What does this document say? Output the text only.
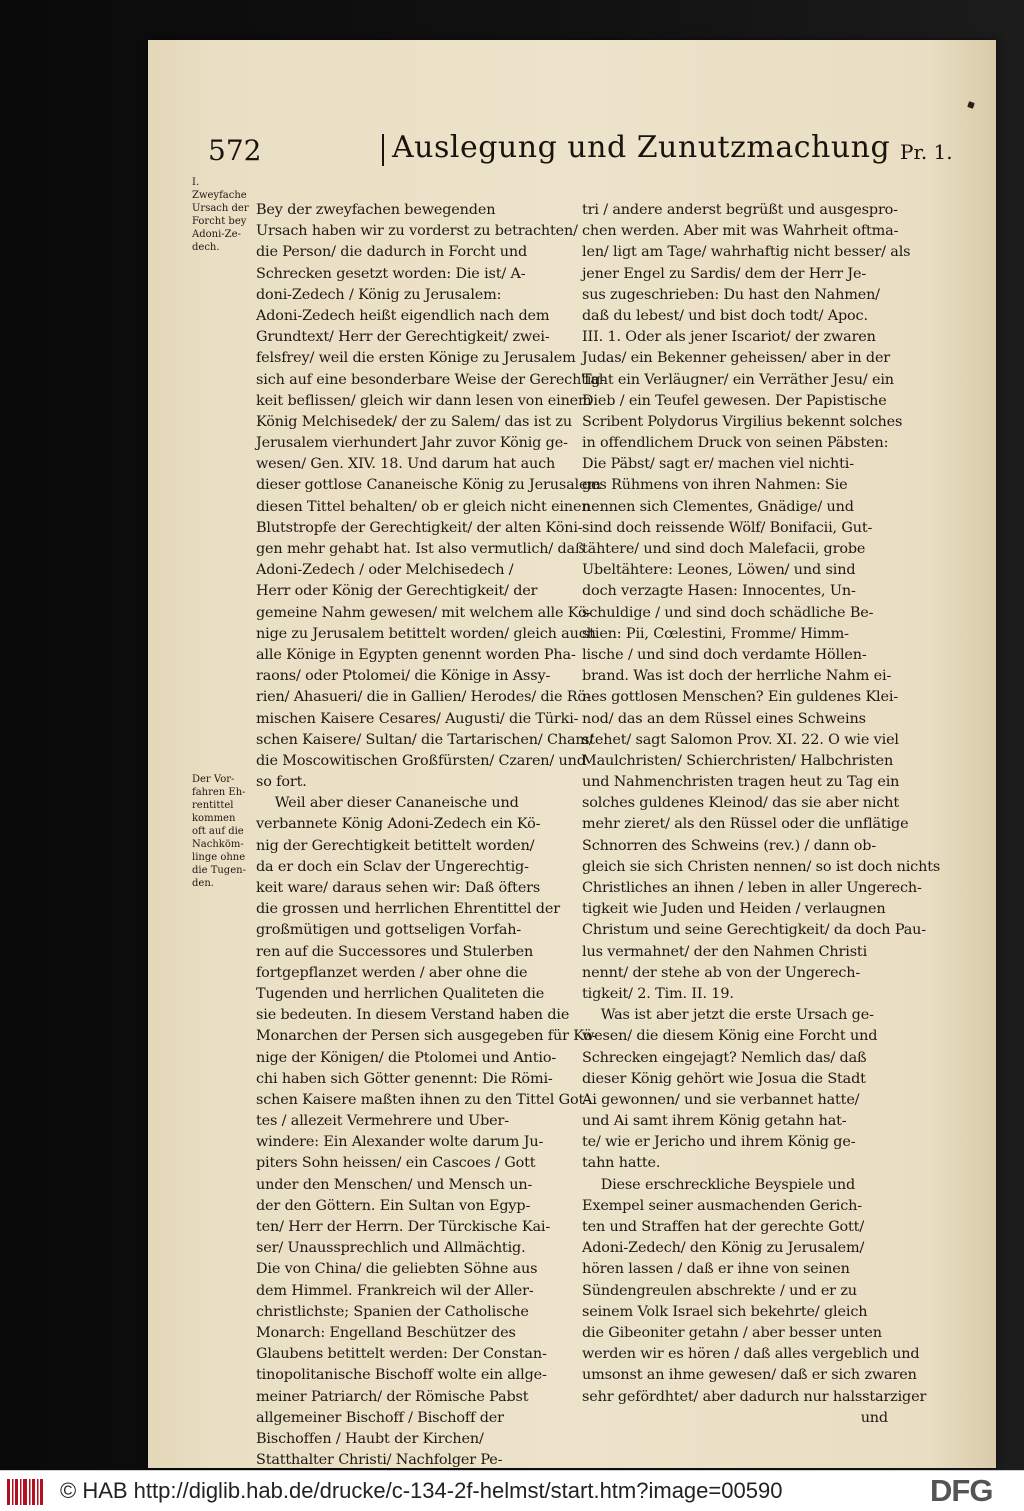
572	Auslegung und Zunutzmachung Pr. 1.
I.
Zweyfache
Ursach der
Forcht bey
Adoni-Ze-
dech.
Der Vor-
fahren Eh-
rentittel
kommen
oft auf die
Nachköm-
linge ohne
die Tugen-
den.

Bey der zweyfachen bewegenden
Ursach haben wir zu vorderst zu betrachten/
die Person/ die dadurch in Forcht und
Schrecken gesetzt worden: Die ist/ A-
doni-Zedech / König zu Jerusalem:
Adoni-Zedech heißt eigendlich nach dem
Grundtext/ Herr der Gerechtigkeit/ zwei-
felsfrey/ weil die ersten Könige zu Jerusalem
sich auf eine besonderbare Weise der Gerechtig-
keit beflissen/ gleich wir dann lesen von einem
König Melchisedek/ der zu Salem/ das ist zu
Jerusalem vierhundert Jahr zuvor König ge-
wesen/ Gen. XIV. 18. Und darum hat auch
dieser gottlose Cananeische König zu Jerusalem
diesen Tittel behalten/ ob er gleich nicht einen
Blutstropfe der Gerechtigkeit/ der alten Köni-
gen mehr gehabt hat. Ist also vermutlich/ daß
Adoni-Zedech / oder Melchisedech /
Herr oder König der Gerechtigkeit/ der
gemeine Nahm gewesen/ mit welchem alle Kö-
nige zu Jerusalem betittelt worden/ gleich auch
alle Könige in Egypten genennt worden Pha-
raons/ oder Ptolomei/ die Könige in Assy-
rien/ Ahasueri/ die in Gallien/ Herodes/ die Rö-
mischen Kaisere Cesares/ Augusti/ die Türki-
schen Kaisere/ Sultan/ die Tartarischen/ Cham/
die Moscowitischen Großfürsten/ Czaren/ und
so fort.

Weil aber dieser Cananeische und
verbannete König Adoni-Zedech ein Kö-
nig der Gerechtigkeit betittelt worden/
da er doch ein Sclav der Ungerechtig-
keit ware/ daraus sehen wir: Daß öfters
die grossen und herrlichen Ehrentittel der
großmütigen und gottseligen Vorfah-
ren auf die Successores und Stulerben
fortgepflanzet werden / aber ohne die
Tugenden und herrlichen Qualiteten die
sie bedeuten. In diesem Verstand haben die
Monarchen der Persen sich ausgegeben für Kö-
nige der Königen/ die Ptolomei und Antio-
chi haben sich Götter genennt: Die Römi-
schen Kaisere maßten ihnen zu den Tittel Got-
tes / allezeit Vermehrere und Uber-
windere: Ein Alexander wolte darum Ju-
piters Sohn heissen/ ein Cascoes / Gott
under den Menschen/ und Mensch un-
der den Göttern. Ein Sultan von Egyp-
ten/ Herr der Herrn. Der Türckische Kai-
ser/ Unaussprechlich und Allmächtig.
Die von China/ die geliebten Söhne aus
dem Himmel. Frankreich wil der Aller-
christlichste; Spanien der Catholische
Monarch: Engelland Beschützer des
Glaubens betittelt werden: Der Constan-
tinopolitanische Bischoff wolte ein allge-
meiner Patriarch/ der Römische Pabst
allgemeiner Bischoff / Bischoff der
Bischoffen / Haubt der Kirchen/
Statthalter Christi/ Nachfolger Pe-

tri / andere anderst begrüßt und ausgespro-
chen werden. Aber mit was Wahrheit oftma-
len/ ligt am Tage/ wahrhaftig nicht besser/ als
jener Engel zu Sardis/ dem der Herr Je-
sus zugeschrieben: Du hast den Nahmen/
daß du lebest/ und bist doch todt/ Apoc.
III. 1. Oder als jener Iscariot/ der zwaren
Judas/ ein Bekenner geheissen/ aber in der
Taht ein Verläugner/ ein Verräther Jesu/ ein
Dieb / ein Teufel gewesen. Der Papistische
Scribent Polydorus Virgilius bekennt solches
in offendlichem Druck von seinen Päbsten:
Die Päbst/ sagt er/ machen viel nichti-
ges Rühmens von ihren Nahmen: Sie
nennen sich Clementes, Gnädige/ und
sind doch reissende Wölf/ Bonifacii, Gut-
tähtere/ und sind doch Malefacii, grobe
Ubeltähtere: Leones, Löwen/ und sind
doch verzagte Hasen: Innocentes, Un-
schuldige / und sind doch schädliche Be-
stien: Pii, Cœlestini, Fromme/ Himm-
lische / und sind doch verdamte Höllen-
brand. Was ist doch der herrliche Nahm ei-
nes gottlosen Menschen? Ein guldenes Klei-
nod/ das an dem Rüssel eines Schweins
stehet/ sagt Salomon Prov. XI. 22. O wie viel
Maulchristen/ Schierchristen/ Halbchristen
und Nahmenchristen tragen heut zu Tag ein
solches guldenes Kleinod/ das sie aber nicht
mehr zieret/ als den Rüssel oder die unflätige
Schnorren des Schweins (rev.) / dann ob-
gleich sie sich Christen nennen/ so ist doch nichts
Christliches an ihnen / leben in aller Ungerech-
tigkeit wie Juden und Heiden / verlaugnen
Christum und seine Gerechtigkeit/ da doch Pau-
lus vermahnet/ der den Nahmen Christi
nennt/ der stehe ab von der Ungerech-
tigkeit/ 2. Tim. II. 19.

Was ist aber jetzt die erste Ursach ge-
wesen/ die diesem König eine Forcht und
Schrecken eingejagt? Nemlich das/ daß
dieser König gehört wie Josua die Stadt
Ai gewonnen/ und sie verbannet hatte/
und Ai samt ihrem König getahn hat-
te/ wie er Jericho und ihrem König ge-
tahn hatte.

Diese erschreckliche Beyspiele und
Exempel seiner ausmachenden Gerich-
ten und Straffen hat der gerechte Gott/
Adoni-Zedech/ den König zu Jerusalem/
hören lassen / daß er ihne von seinen
Sündengreulen abschrekte / und er zu
seinem Volk Israel sich bekehrte/ gleich
die Gibeoniter getahn / aber besser unten
werden wir es hören / daß alles vergeblich und
umsonst an ihme gewesen/ daß er sich zwaren
sehr gefördhtet/ aber dadurch nur halsstarziger

und
© HAB http://diglib.hab.de/drucke/c-134-2f-helmst/start.htm?image=00590	DFG
